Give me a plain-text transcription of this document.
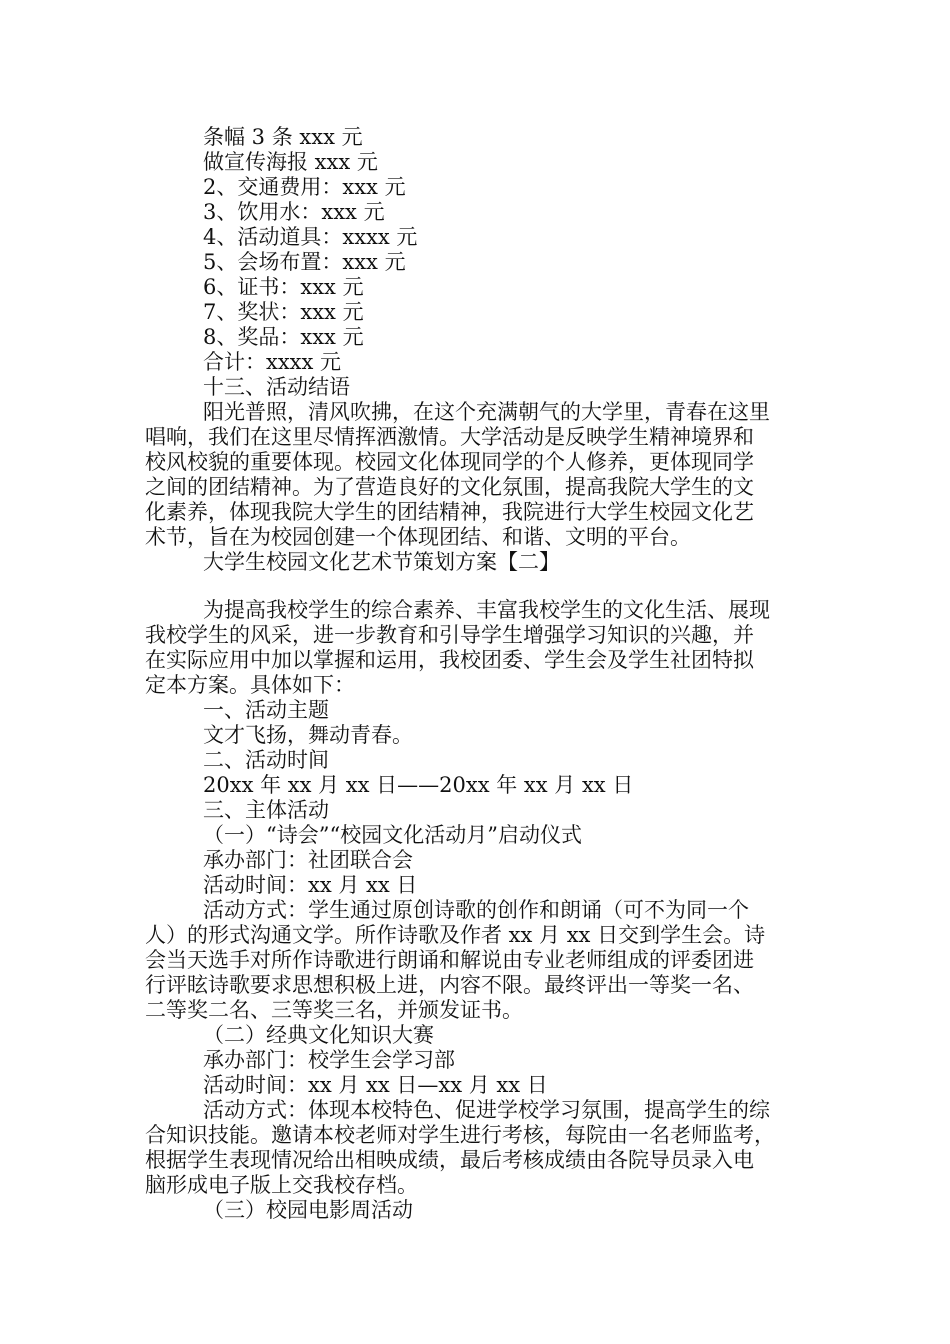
条幅 3 条 xxx 元
做宣传海报 xxx 元
2、交通费用：xxx 元
3、饮用水：xxx 元
4、活动道具：xxxx 元
5、会场布置：xxx 元
6、证书：xxx 元
7、奖状：xxx 元
8、奖品：xxx 元
合计：xxxx 元
十三、活动结语
阳光普照，清风吹拂，在这个充满朝气的大学里，青春在这里
唱响，我们在这里尽情挥洒激情。大学活动是反映学生精神境界和
校风校貌的重要体现。校园文化体现同学的个人修养，更体现同学
之间的团结精神。为了营造良好的文化氛围，提高我院大学生的文
化素养，体现我院大学生的团结精神，我院进行大学生校园文化艺
术节，旨在为校园创建一个体现团结、和谐、文明的平台。
大学生校园文化艺术节策划方案【二】
为提高我校学生的综合素养、丰富我校学生的文化生活、展现
我校学生的风采，进一步教育和引导学生增强学习知识的兴趣，并
在实际应用中加以掌握和运用，我校团委、学生会及学生社团特拟
定本方案。具体如下：
一、活动主题
文才飞扬，舞动青春。
二、活动时间
20xx 年 xx 月 xx 日——20xx 年 xx 月 xx 日
三、主体活动
（一）“诗会”“校园文化活动月”启动仪式
承办部门：社团联合会
活动时间：xx 月 xx 日
活动方式：学生通过原创诗歌的创作和朗诵（可不为同一个
人）的形式沟通文学。所作诗歌及作者 xx 月 xx 日交到学生会。诗
会当天选手对所作诗歌进行朗诵和解说由专业老师组成的评委团进
行评眩诗歌要求思想积极上进，内容不限。最终评出一等奖一名、
二等奖二名、三等奖三名，并颁发证书。
（二）经典文化知识大赛
承办部门：校学生会学习部
活动时间：xx 月 xx 日—xx 月 xx 日
活动方式：体现本校特色、促进学校学习氛围，提高学生的综
合知识技能。邀请本校老师对学生进行考核，每院由一名老师监考，
根据学生表现情况给出相映成绩，最后考核成绩由各院导员录入电
脑形成电子版上交我校存档。
（三）校园电影周活动
